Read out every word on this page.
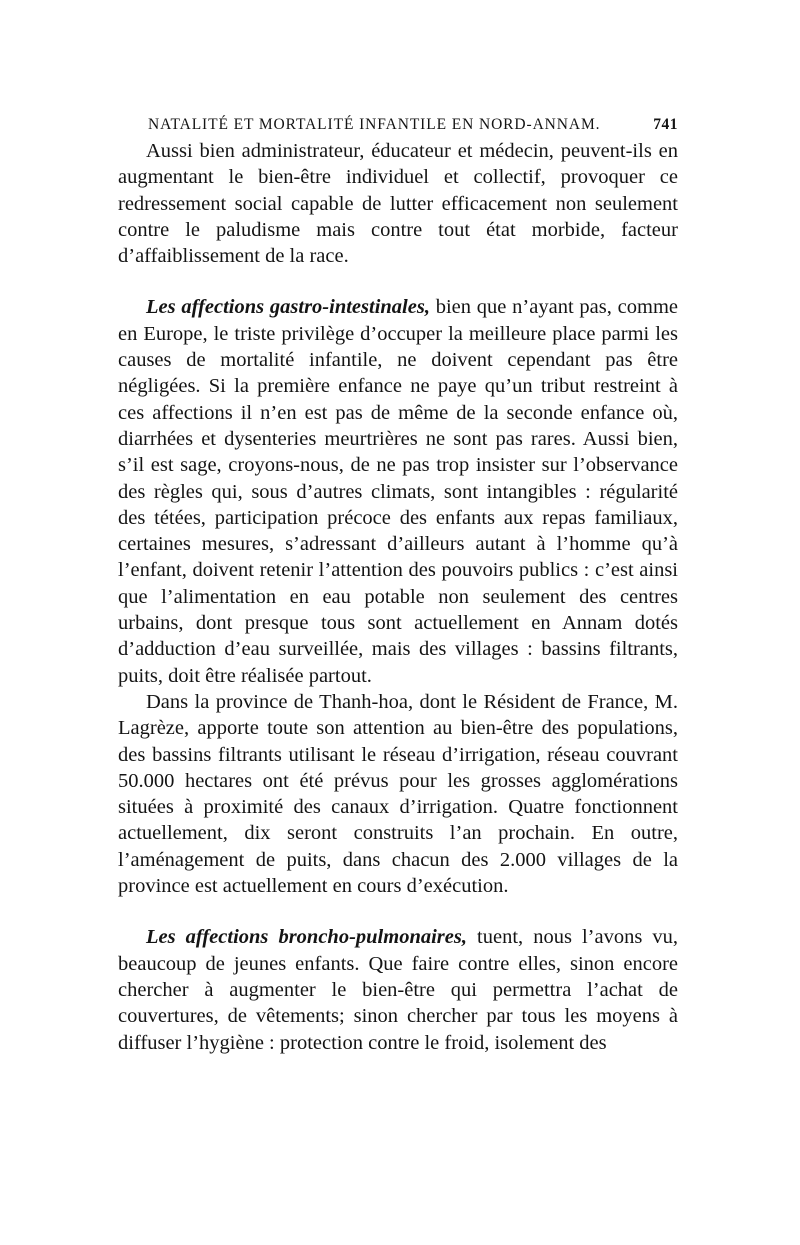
NATALITÉ ET MORTALITÉ INFANTILE EN NORD-ANNAM.	741

Aussi bien administrateur, éducateur et médecin, peuvent-ils en augmentant le bien-être individuel et collectif, provoquer ce redressement social capable de lutter efficacement non seulement contre le paludisme mais contre tout état morbide, facteur d’affaiblissement de la race.

Les affections gastro-intestinales, bien que n’ayant pas, comme en Europe, le triste privilège d’occuper la meilleure place parmi les causes de mortalité infantile, ne doivent cependant pas être négligées. Si la première enfance ne paye qu’un tribut restreint à ces affections il n’en est pas de même de la seconde enfance où, diarrhées et dysenteries meurtrières ne sont pas rares. Aussi bien, s’il est sage, croyons-nous, de ne pas trop insister sur l’observance des règles qui, sous d’autres climats, sont intangibles : régularité des tétées, participation précoce des enfants aux repas familiaux, certaines mesures, s’adressant d’ailleurs autant à l’homme qu’à l’enfant, doivent retenir l’attention des pouvoirs publics : c’est ainsi que l’alimentation en eau potable non seulement des centres urbains, dont presque tous sont actuellement en Annam dotés d’adduction d’eau surveillée, mais des villages : bassins filtrants, puits, doit être réalisée partout.

Dans la province de Thanh-hoa, dont le Résident de France, M. Lagrèze, apporte toute son attention au bien-être des populations, des bassins filtrants utilisant le réseau d’irrigation, réseau couvrant 50.000 hectares ont été prévus pour les grosses agglomérations situées à proximité des canaux d’irrigation. Quatre fonctionnent actuellement, dix seront construits l’an prochain. En outre, l’aménagement de puits, dans chacun des 2.000 villages de la province est actuellement en cours d’exécution.

Les affections broncho-pulmonaires, tuent, nous l’avons vu, beaucoup de jeunes enfants. Que faire contre elles, sinon encore chercher à augmenter le bien-être qui permettra l’achat de couvertures, de vêtements; sinon chercher par tous les moyens à diffuser l’hygiène : protection contre le froid, isolement des
